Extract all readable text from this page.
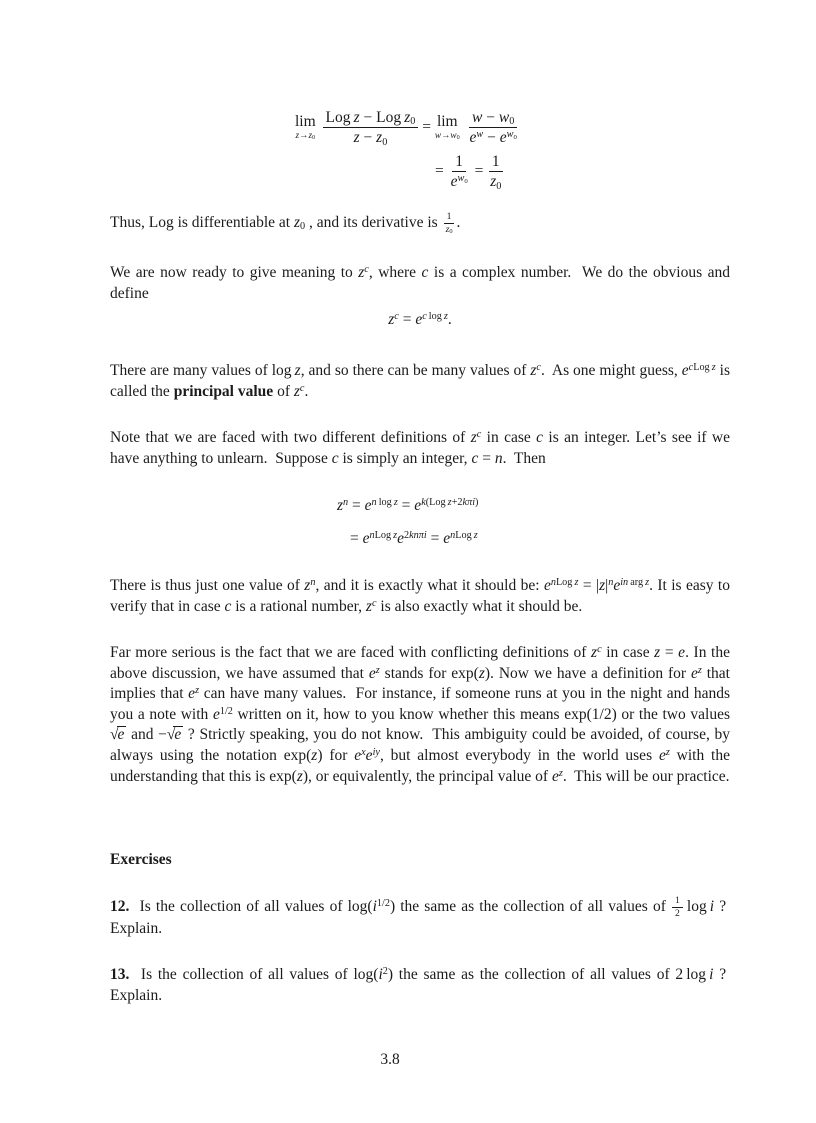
lim
$z\to z_0$
$\frac{Log z - Log z_0}{z - z_0} = \lim$
$w\to w_0$
$\frac{w - w_0}{e^w - e^{w_0}}$
= $\frac{1}{e^{w_0}} = \frac{1}{z_0}$

Thus, Log is differentiable at $z_0$ , and its derivative is $\frac{1}{z_0}$ .

We are now ready to give meaning to $z^c$, where c is a complex number.  We do the obvious and define

$z^c = e^{c log z}$.

There are many values of log z, and so there can be many values of $z^c$.  As one might guess, $e^{cLog z}$ is called the principal value of $z^c$.

Note that we are faced with two different definitions of $z^c$ in case c is an integer. Let’s see if we have anything to unlearn.  Suppose c is simply an integer, c = n.  Then

$z^n = e^{n log z} = e^{k(Log z+2k\pi i)}$
= $e^{nLog z}e^{2kn\pi i} = e^{nLog z}$

There is thus just one value of $z^n$, and it is exactly what it should be: $e^{nLog z} = |z|^ne^{in arg z}$. It is easy to verify that in case c is a rational number, $z^c$ is also exactly what it should be.

Far more serious is the fact that we are faced with conflicting definitions of $z^c$ in case z = e. In the above discussion, we have assumed that $e^z$ stands for exp(z). Now we have a definition for $e^z$ that implies that $e^z$ can have many values.  For instance, if someone runs at you in the night and hands you a note with $e^{1/2}$ written on it, how to you know whether this means exp(1/2) or the two values √e and −√e ? Strictly speaking, you do not know.  This ambiguity could be avoided, of course, by always using the notation exp(z) for $e^xe^{iy}$, but almost everybody in the world uses $e^z$ with the understanding that this is exp(z), or equivalently, the principal value of $e^z$.  This will be our practice.

Exercises

12.  Is the collection of all values of $\log(i^{1/2})$ the same as the collection of all values of $\frac{1}{2}$  log i ?  Explain.

13.  Is the collection of all values of $\log(i^2)$ the same as the collection of all values of 2 log i ?  Explain.

3.8
